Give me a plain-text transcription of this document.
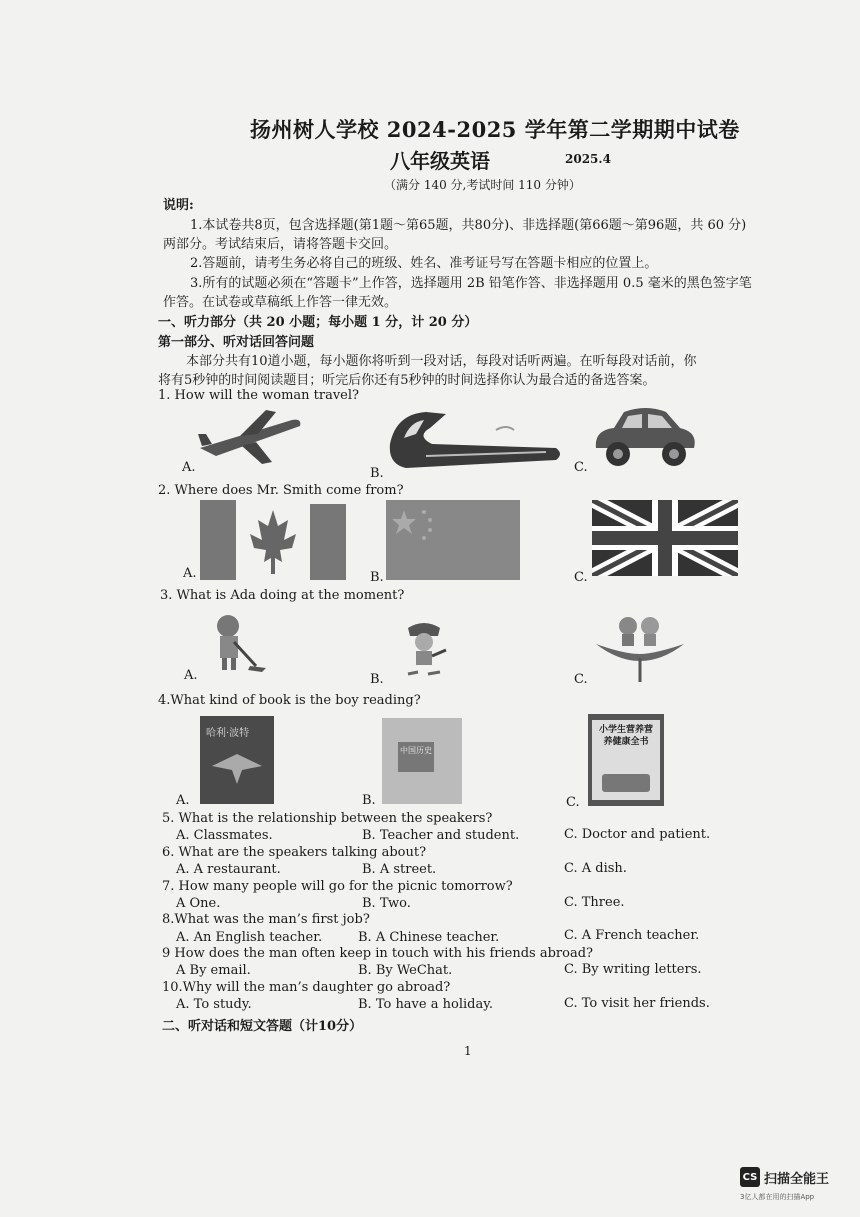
扬州树人学校 2024-2025 学年第二学期期中试卷
八年级英语	2025.4
（满分 140 分,考试时间 110 分钟）
说明:
1.本试卷共8页，包含选择题(第1题～第65题，共80分)、非选择题(第66题～第96题，共 60 分)
两部分。考试结束后，请将答题卡交回。
2.答题前，请考生务必将自己的班级、姓名、准考证号写在答题卡相应的位置上。
3.所有的试题必须在“答题卡”上作答，选择题用 2B 铅笔作答、非选择题用 0.5 毫米的黑色签字笔
作答。在试卷或草稿纸上作答一律无效。
一、听力部分（共 20 小题；每小题 1 分，计 20 分）
第一部分、听对话回答问题
本部分共有10道小题，每小题你将听到一段对话，每段对话听两遍。在听每段对话前，你
将有5秒钟的时间阅读题目；听完后你还有5秒钟的时间选择你认为最合适的备选答案。
1. How will the woman travel?
A.	B.	C.
2. Where does Mr. Smith come from?
A.	B.	C.
3. What is Ada doing at the moment?
A.	B.	C.
4.What kind of book is the boy reading?
A.	B.	C.
哈利·波特
中国历史
小学生营养营养健康全书
5. What is the relationship between the speakers?
A. Classmates.	B. Teacher and student.	C. Doctor and patient.
6. What are the speakers talking about?
A. A restaurant.	B. A street.	C. A dish.
7. How many people will go for the picnic tomorrow?
A One.	B. Two.	C. Three.
8.What was the man’s first job?
A. An English teacher.	B. A Chinese teacher.	C. A French teacher.
9 How does the man often keep in touch with his friends abroad?
A By email.	B. By WeChat.	C. By writing letters.
10.Why will the man’s daughter go abroad?
A. To study.	B. To have a holiday.	C. To visit her friends.
二、听对话和短文答题（计10分）
1
CS 扫描全能王
3亿人都在用的扫描App
